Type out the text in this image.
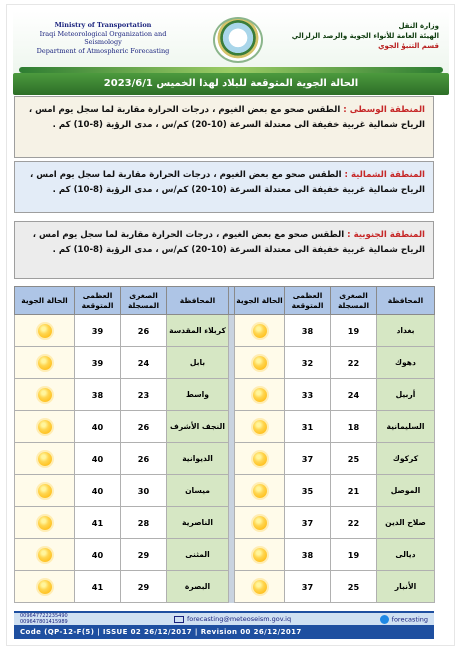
Ministry of Transportation
Iraqi Meteorological Organization and Seismology
Department of Atmospheric Forecasting
وزارة النقل
الهيئة العامة للأنواء الجوية والرصد الزلزالي
قسم التنبؤ الجوي
الحالة الجوية المتوقعة للبلاد لهذا الخميس 2023/6/1
المنطقة الوسطى : الطقس صحو مع بعض الغيوم ، درجات الحرارة مقاربة لما سجل يوم امس ، الرياح شمالية غربية خفيفة الى معتدلة السرعة (10-20) كم/س ، مدى الرؤية (8-10) كم .
المنطقة الشمالية : الطقس صحو مع بعض الغيوم ، درجات الحرارة مقاربة لما سجل يوم امس ، الرياح شمالية غربية خفيفة الى معتدلة السرعة (10-20) كم/س ، مدى الرؤية (8-10) كم .
المنطقة الجنوبية : الطقس صحو مع بعض الغيوم ، درجات الحرارة مقاربة لما سجل يوم امس ، الرياح شمالية غربية خفيفة الى معتدلة السرعة (10-20) كم/س ، مدى الرؤية (8-10) كم .
المحافظة	الصغرى المسجلة	العظمى المتوقعة	الحالة الجوية		المحافظة	الصغرى المسجلة	العظمى المتوقعة	الحالة الجوية
بغداد	19	38			كربلاء المقدسة	26	39	
دهوك	22	32			بابل	24	39	
أربيل	24	33			واسط	23	38	
السليمانية	18	31			النجف الأشرف	26	40	
كركوك	25	37			الديوانية	26	40	
الموصل	21	35			ميسان	30	40	
صلاح الدين	22	37			الناصرية	28	41	
ديالى	19	38			المثنى	29	40	
الأنبار	25	37			البصرة	29	41	
009647722235490
009647801415989	forecasting@meteoseism.gov.iq	forecasting
Code (QP-12-F(5) | ISSUE 02 26/12/2017 | Revision 00 26/12/2017
